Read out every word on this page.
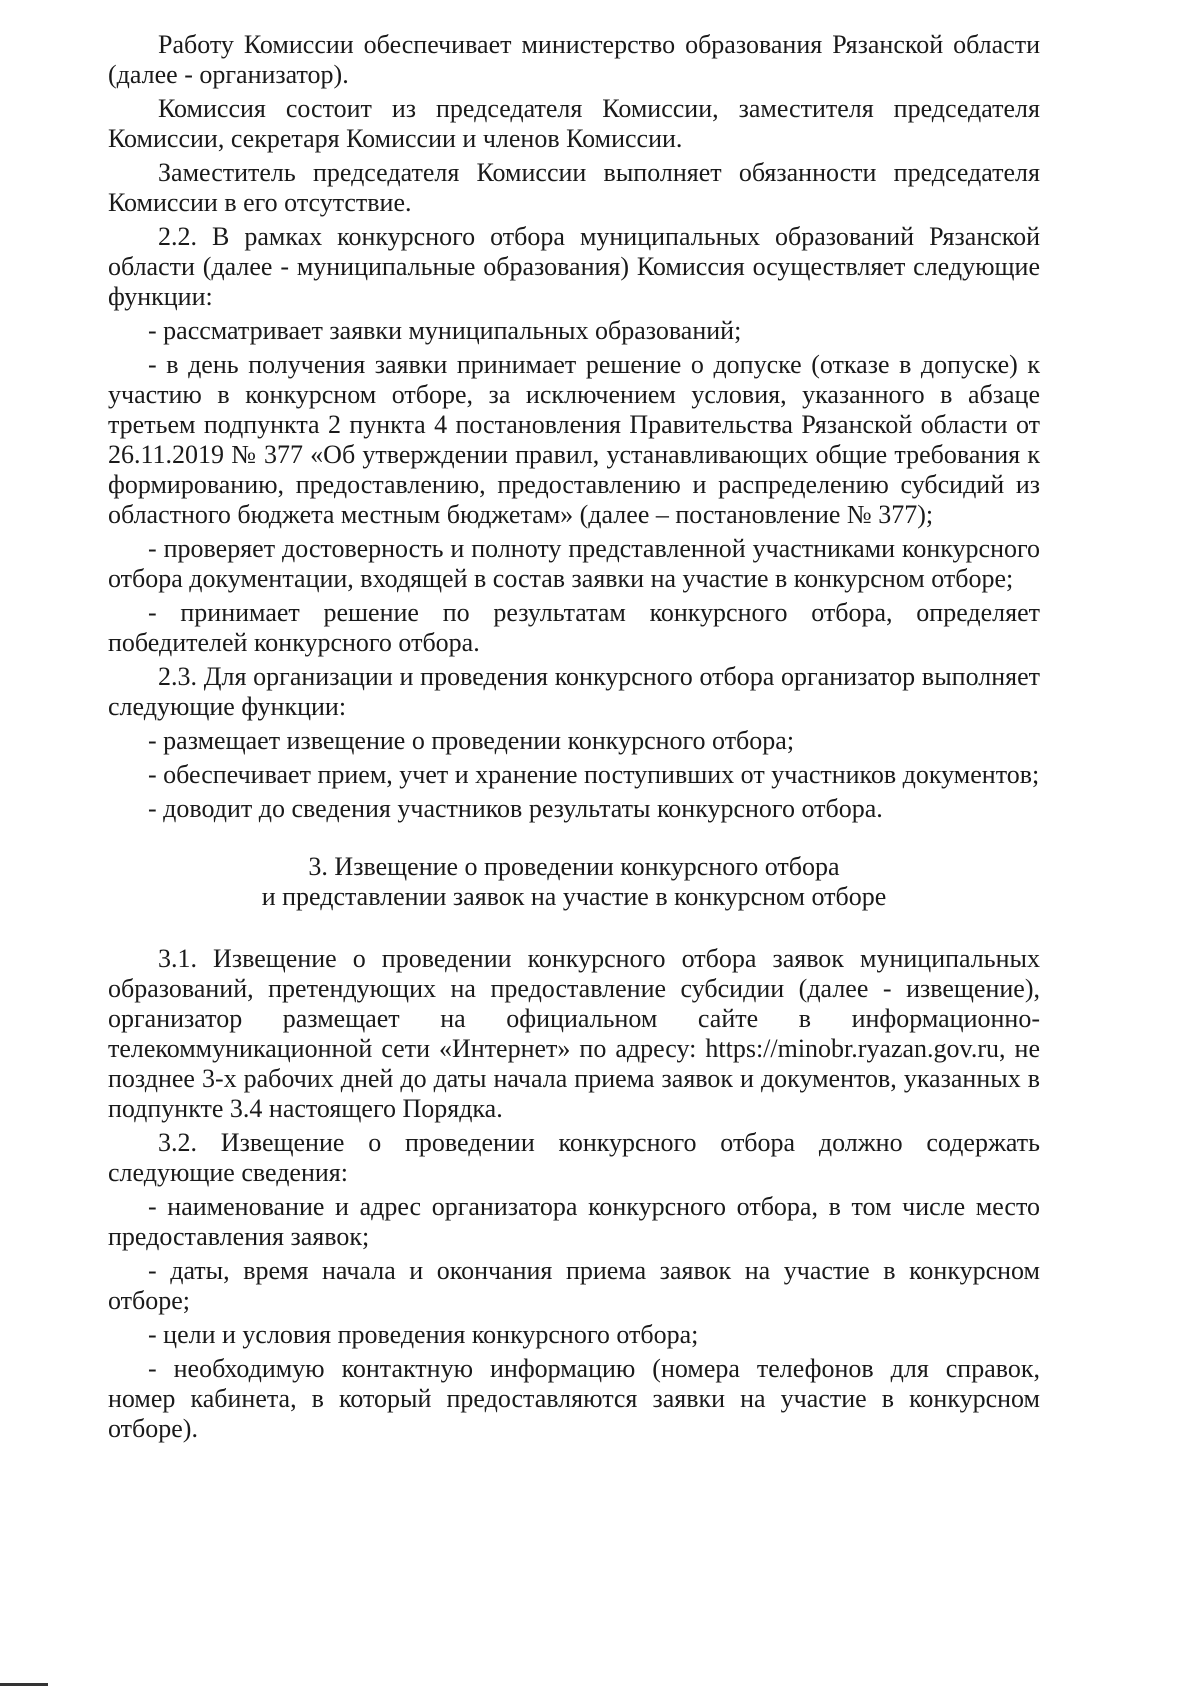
Работу Комиссии обеспечивает министерство образования Рязанской области (далее - организатор).

Комиссия состоит из председателя Комиссии, заместителя председателя Комиссии, секретаря Комиссии и членов Комиссии.

Заместитель председателя Комиссии выполняет обязанности председателя Комиссии в его отсутствие.

2.2. В рамках конкурсного отбора муниципальных образований Рязанской области (далее - муниципальные образования) Комиссия осуществляет следующие функции:

- рассматривает заявки муниципальных образований;

- в день получения заявки принимает решение о допуске (отказе в допуске) к участию в конкурсном отборе, за исключением условия, указанного в абзаце третьем подпункта 2 пункта 4 постановления Правительства Рязанской области от 26.11.2019 № 377 «Об утверждении правил, устанавливающих общие требования к формированию, предоставлению, предоставлению и распределению субсидий из областного бюджета местным бюджетам» (далее – постановление № 377);

- проверяет достоверность и полноту представленной участниками конкурсного отбора документации, входящей в состав заявки на участие в конкурсном отборе;

- принимает решение по результатам конкурсного отбора, определяет победителей конкурсного отбора.

2.3. Для организации и проведения конкурсного отбора организатор выполняет следующие функции:

- размещает извещение о проведении конкурсного отбора;

- обеспечивает прием, учет и хранение поступивших от участников документов;

- доводит до сведения участников результаты конкурсного отбора.

3. Извещение о проведении конкурсного отбора
и представлении заявок на участие в конкурсном отборе

3.1. Извещение о проведении конкурсного отбора заявок муниципальных образований, претендующих на предоставление субсидии (далее - извещение), организатор размещает на официальном сайте в информационно-телекоммуникационной сети «Интернет» по адресу: https://minobr.ryazan.gov.ru, не позднее 3-х рабочих дней до даты начала приема заявок и документов, указанных в подпункте 3.4 настоящего Порядка.

3.2. Извещение о проведении конкурсного отбора должно содержать следующие сведения:

- наименование и адрес организатора конкурсного отбора, в том числе место предоставления заявок;

- даты, время начала и окончания приема заявок на участие в конкурсном отборе;

- цели и условия проведения конкурсного отбора;

- необходимую контактную информацию (номера телефонов для справок, номер кабинета, в который предоставляются заявки на участие в конкурсном отборе).
